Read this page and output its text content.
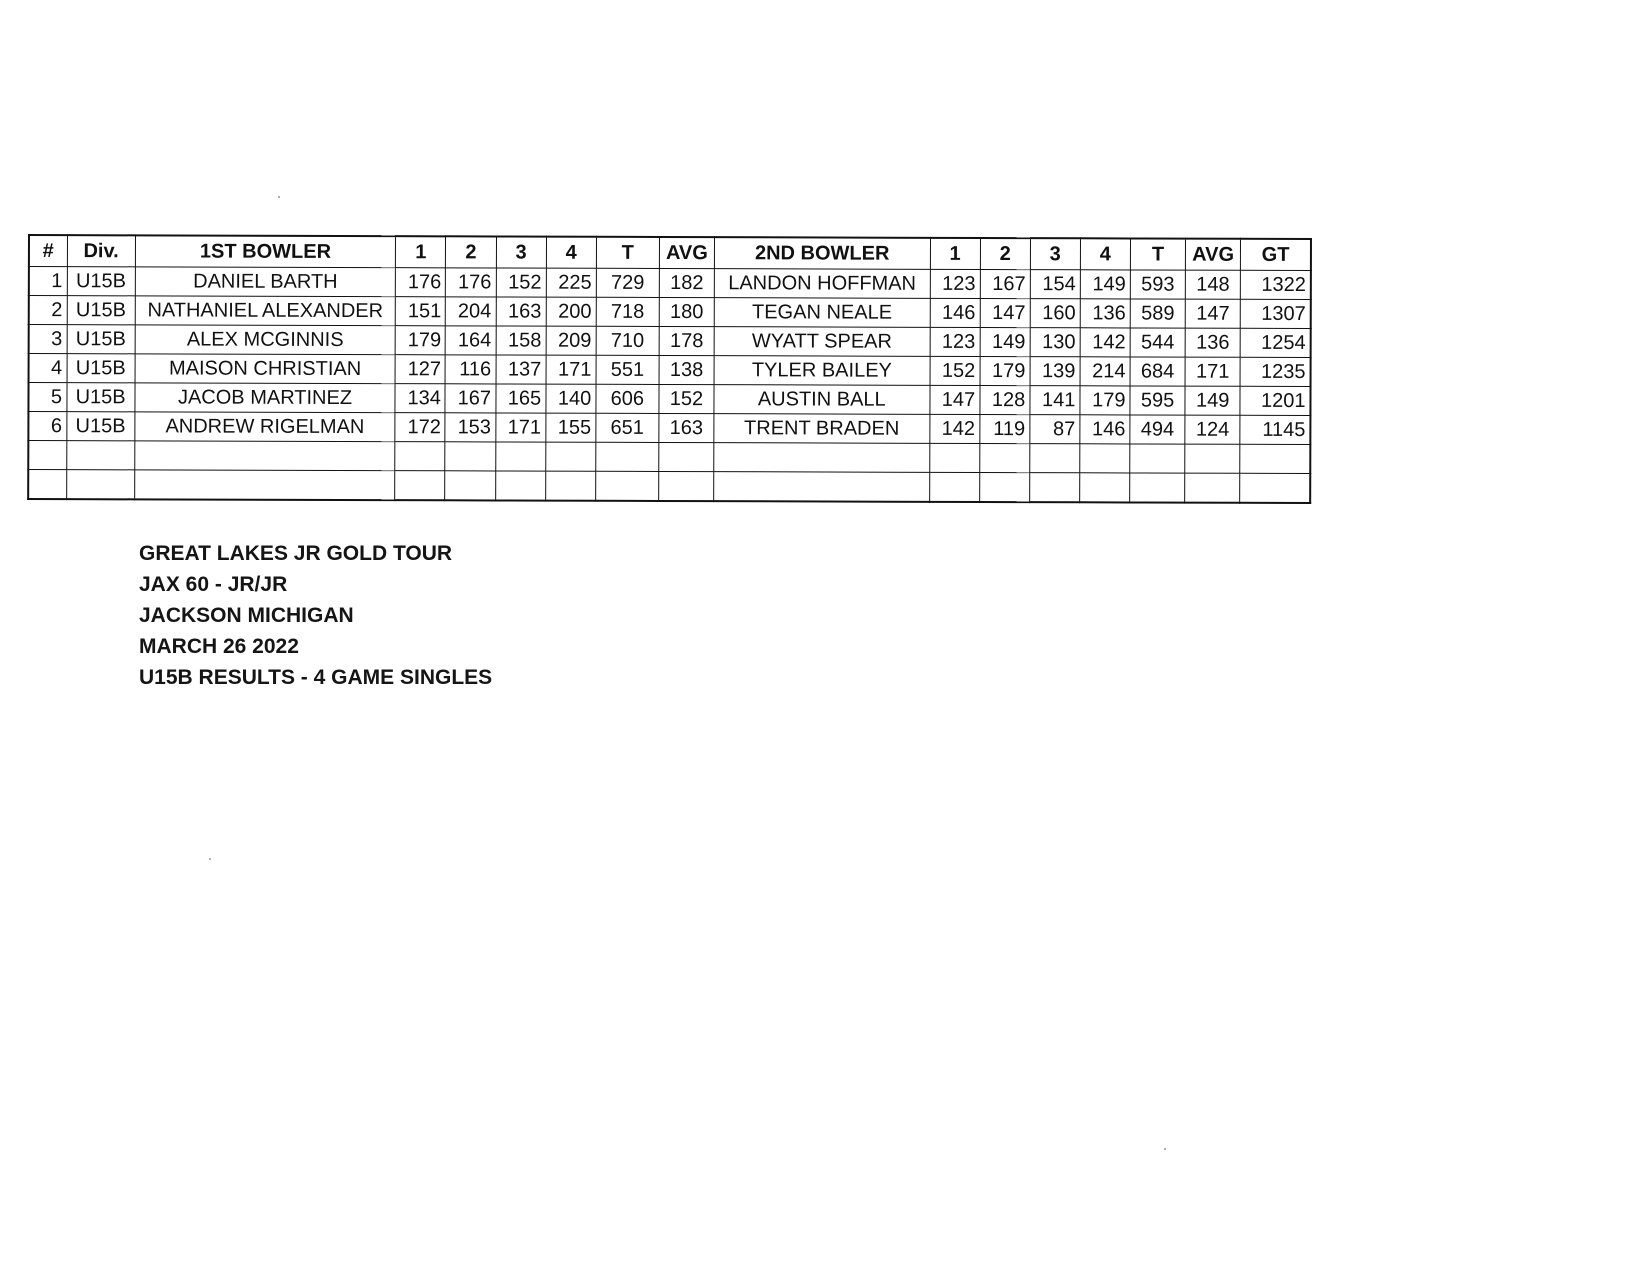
#	Div.	1ST BOWLER	1	2	3	4	T	AVG	2ND BOWLER	1	2	3	4	T	AVG	GT
1	U15B	DANIEL BARTH	176	176	152	225	729	182	LANDON HOFFMAN	123	167	154	149	593	148	1322
2	U15B	NATHANIEL ALEXANDER	151	204	163	200	718	180	TEGAN NEALE	146	147	160	136	589	147	1307
3	U15B	ALEX MCGINNIS	179	164	158	209	710	178	WYATT SPEAR	123	149	130	142	544	136	1254
4	U15B	MAISON CHRISTIAN	127	116	137	171	551	138	TYLER BAILEY	152	179	139	214	684	171	1235
5	U15B	JACOB MARTINEZ	134	167	165	140	606	152	AUSTIN BALL	147	128	141	179	595	149	1201
6	U15B	ANDREW RIGELMAN	172	153	171	155	651	163	TRENT BRADEN	142	119	87	146	494	124	1145

GREAT LAKES JR GOLD TOUR
JAX 60 - JR/JR
JACKSON MICHIGAN
MARCH 26 2022
U15B RESULTS - 4 GAME SINGLES
